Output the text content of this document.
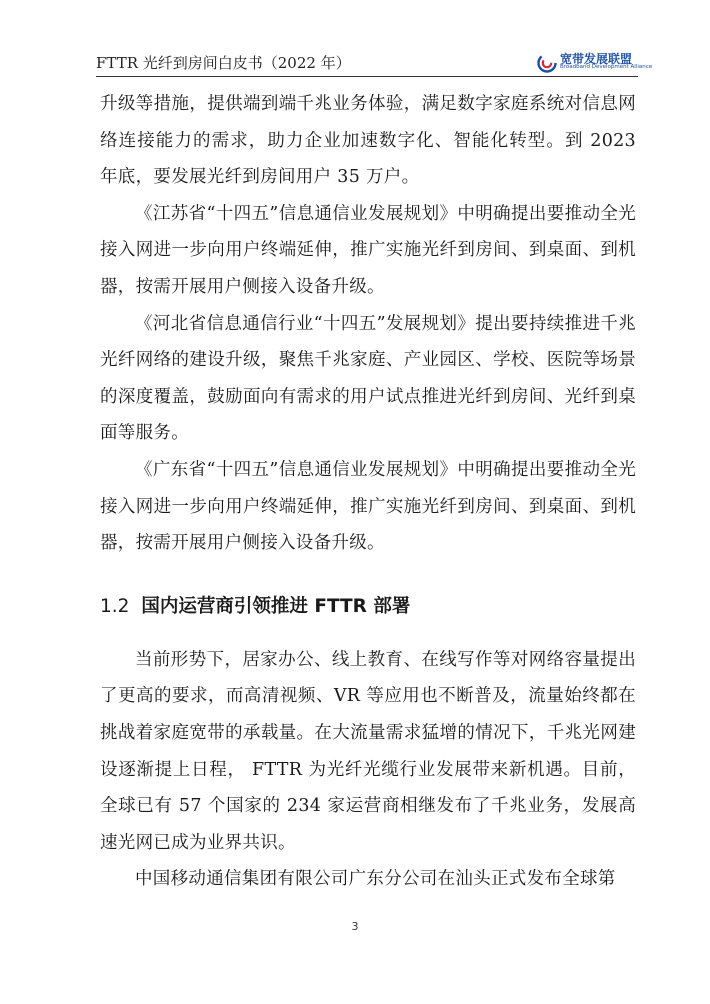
FTTR 光纤到房间白皮书（2022 年）	宽带发展联盟
Broadband Development Alliance

升级等措施，提供端到端千兆业务体验，满足数字家庭系统对信息网络连接能力的需求，助力企业加速数字化、智能化转型。到 2023 年底，要发展光纤到房间用户 35 万户。

《江苏省“十四五”信息通信业发展规划》中明确提出要推动全光接入网进一步向用户终端延伸，推广实施光纤到房间、到桌面、到机器，按需开展用户侧接入设备升级。

《河北省信息通信行业“十四五”发展规划》提出要持续推进千兆光纤网络的建设升级，聚焦千兆家庭、产业园区、学校、医院等场景的深度覆盖，鼓励面向有需求的用户试点推进光纤到房间、光纤到桌面等服务。

《广东省“十四五”信息通信业发展规划》中明确提出要推动全光接入网进一步向用户终端延伸，推广实施光纤到房间、到桌面、到机器，按需开展用户侧接入设备升级。

1.2 国内运营商引领推进 FTTR 部署

当前形势下，居家办公、线上教育、在线写作等对网络容量提出了更高的要求，而高清视频、VR 等应用也不断普及，流量始终都在挑战着家庭宽带的承载量。在大流量需求猛增的情况下，千兆光网建设逐渐提上日程， FTTR 为光纤光缆行业发展带来新机遇。目前，全球已有 57 个国家的 234 家运营商相继发布了千兆业务，发展高速光网已成为业界共识。

中国移动通信集团有限公司广东分公司在汕头正式发布全球第

3
